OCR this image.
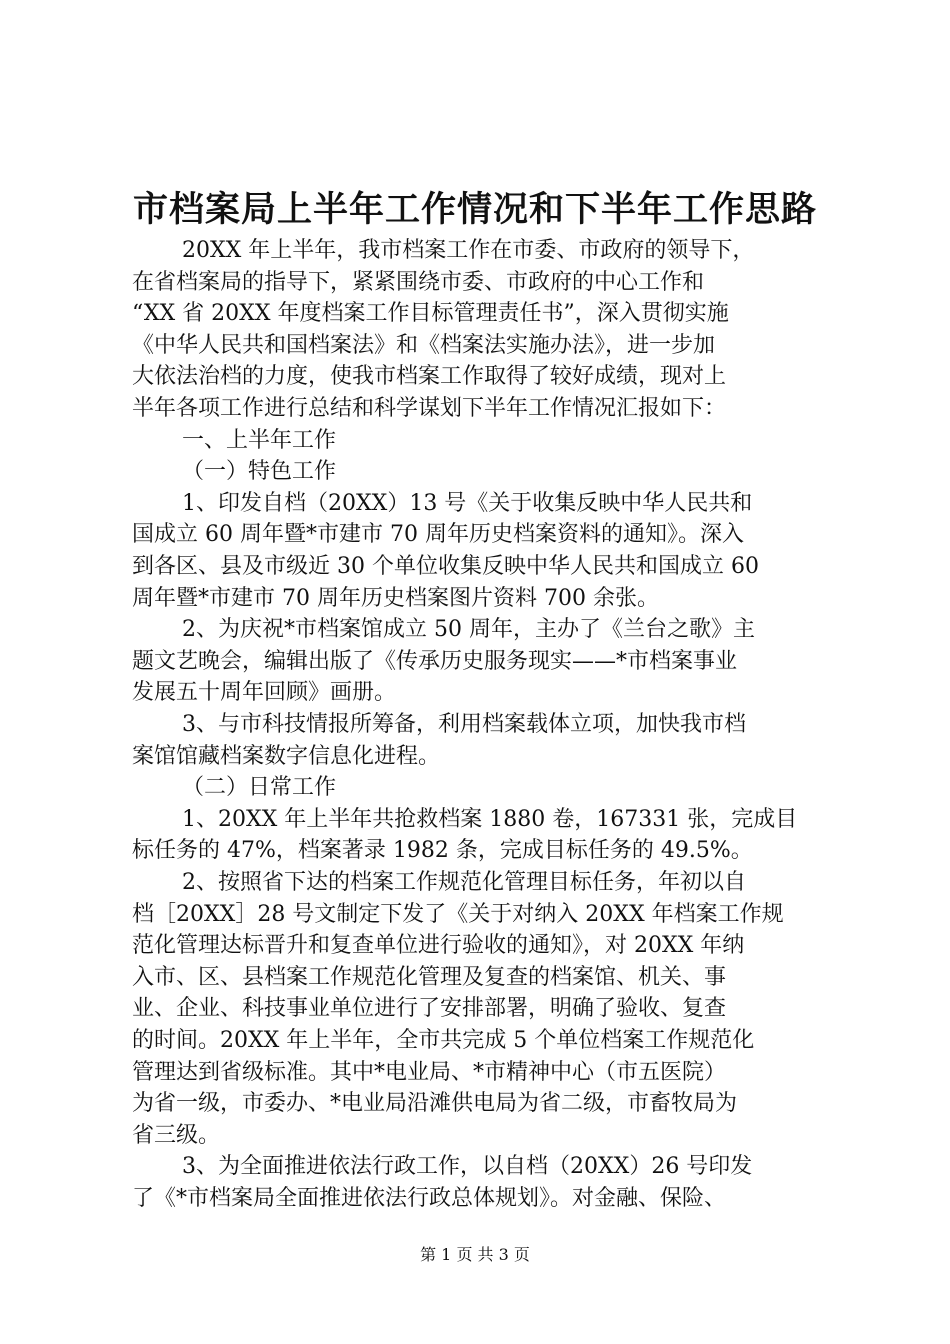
市档案局上半年工作情况和下半年工作思路

20XX 年上半年，我市档案工作在市委、市政府的领导下，

在省档案局的指导下，紧紧围绕市委、市政府的中心工作和

“XX 省 20XX 年度档案工作目标管理责任书”，深入贯彻实施

《中华人民共和国档案法》和《档案法实施办法》，进一步加

大依法治档的力度，使我市档案工作取得了较好成绩，现对上

半年各项工作进行总结和科学谋划下半年工作情况汇报如下：

一、上半年工作

（一）特色工作

1、印发自档（20XX）13 号《关于收集反映中华人民共和

国成立 60 周年暨*市建市 70 周年历史档案资料的通知》。深入

到各区、县及市级近 30 个单位收集反映中华人民共和国成立 60

周年暨*市建市 70 周年历史档案图片资料 700 余张。

2、为庆祝*市档案馆成立 50 周年，主办了《兰台之歌》主

题文艺晚会，编辑出版了《传承历史服务现实——*市档案事业

发展五十周年回顾》画册。

3、与市科技情报所筹备，利用档案载体立项，加快我市档

案馆馆藏档案数字信息化进程。

（二）日常工作

1、20XX 年上半年共抢救档案 1880 卷，167331 张，完成目

标任务的 47%，档案著录 1982 条，完成目标任务的 49.5%。

2、按照省下达的档案工作规范化管理目标任务，年初以自

档［20XX］28 号文制定下发了《关于对纳入 20XX 年档案工作规

范化管理达标晋升和复查单位进行验收的通知》，对 20XX 年纳

入市、区、县档案工作规范化管理及复查的档案馆、机关、事

业、企业、科技事业单位进行了安排部署，明确了验收、复查

的时间。20XX 年上半年，全市共完成 5 个单位档案工作规范化

管理达到省级标准。其中*电业局、*市精神中心（市五医院）

为省一级，市委办、*电业局沿滩供电局为省二级，市畜牧局为

省三级。

3、为全面推进依法行政工作，以自档（20XX）26 号印发

了《*市档案局全面推进依法行政总体规划》。对金融、保险、

第 1 页 共 3 页
